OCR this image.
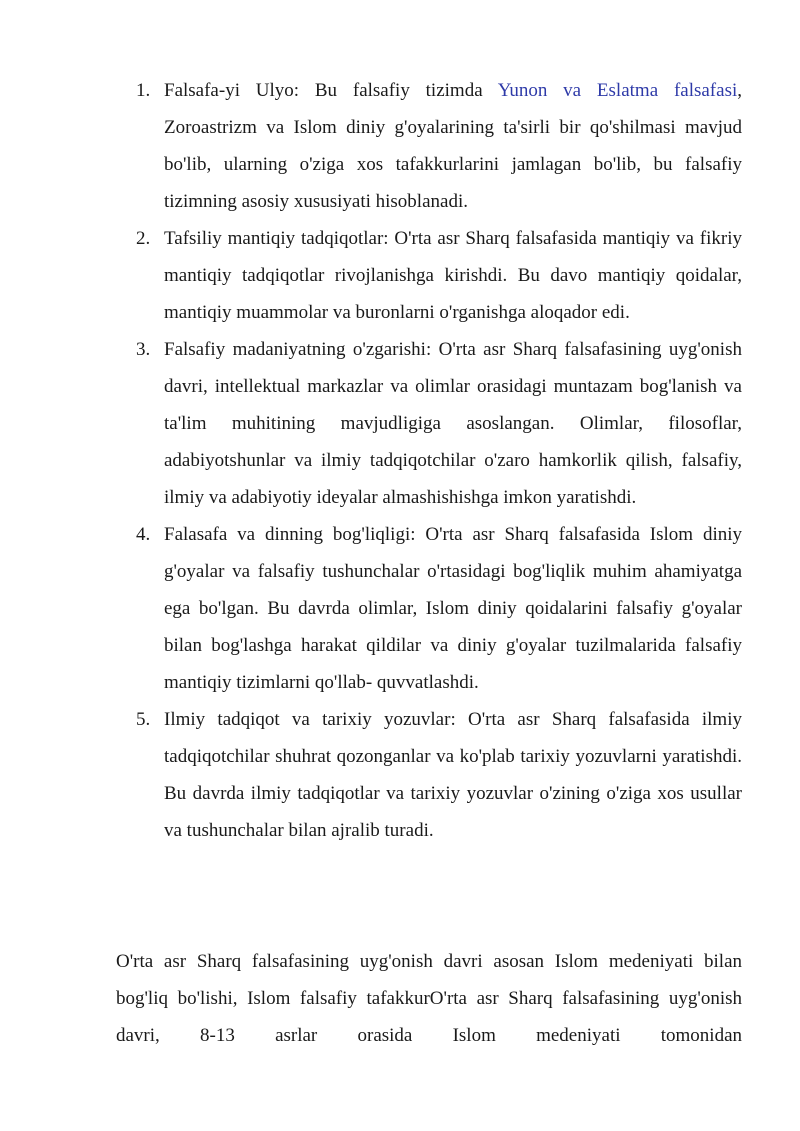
1. Falsafa-yi Ulyo: Bu falsafiy tizimda Yunon va Eslatma falsafasi, Zoroastrizm va Islom diniy g'oyalarining ta'sirli bir qo'shilmasi mavjud bo'lib, ularning o'ziga xos tafakkurlarini jamlagan bo'lib, bu falsafiy tizimning asosiy xususiyati hisoblanadi.
2. Tafsiliy mantiqiy tadqiqotlar: O'rta asr Sharq falsafasida mantiqiy va fikriy mantiqiy tadqiqotlar rivojlanishga kirishdi. Bu davo mantiqiy qoidalar, mantiqiy muammolar va buronlarni o'rganishga aloqador edi.
3. Falsafiy madaniyatning o'zgarishi: O'rta asr Sharq falsafasining uyg'onish davri, intellektual markazlar va olimlar orasidagi muntazam bog'lanish va ta'lim muhitining mavjudligiga asoslangan. Olimlar, filosoflar, adabiyotshunlar va ilmiy tadqiqotchilar o'zaro hamkorlik qilish, falsafiy, ilmiy va adabiyotiy ideyalar almashishishga imkon yaratishdi.
4. Falasafa va dinning bog'liqligi: O'rta asr Sharq falsafasida Islom diniy g'oyalar va falsafiy tushunchalar o'rtasidagi bog'liqlik muhim ahamiyatga ega bo'lgan. Bu davrda olimlar, Islom diniy qoidalarini falsafiy g'oyalar bilan bog'lashga harakat qildilar va diniy g'oyalar tuzilmalarida falsafiy mantiqiy tizimlarni qo'llab- quvvatlashdi.
5. Ilmiy tadqiqot va tarixiy yozuvlar: O'rta asr Sharq falsafasida ilmiy tadqiqotchilar shuhrat qozonganlar va ko'plab tarixiy yozuvlarni yaratishdi. Bu davrda ilmiy tadqiqotlar va tarixiy yozuvlar o'zining o'ziga xos usullar va tushunchalar bilan ajralib turadi.

O'rta asr Sharq falsafasining uyg'onish davri asosan Islom medeniyati bilan bog'liq bo'lishi, Islom falsafiy tafakkurO'rta asr Sharq falsafasining uyg'onish davri, 8-13 asrlar orasida Islom medeniyati tomonidan
